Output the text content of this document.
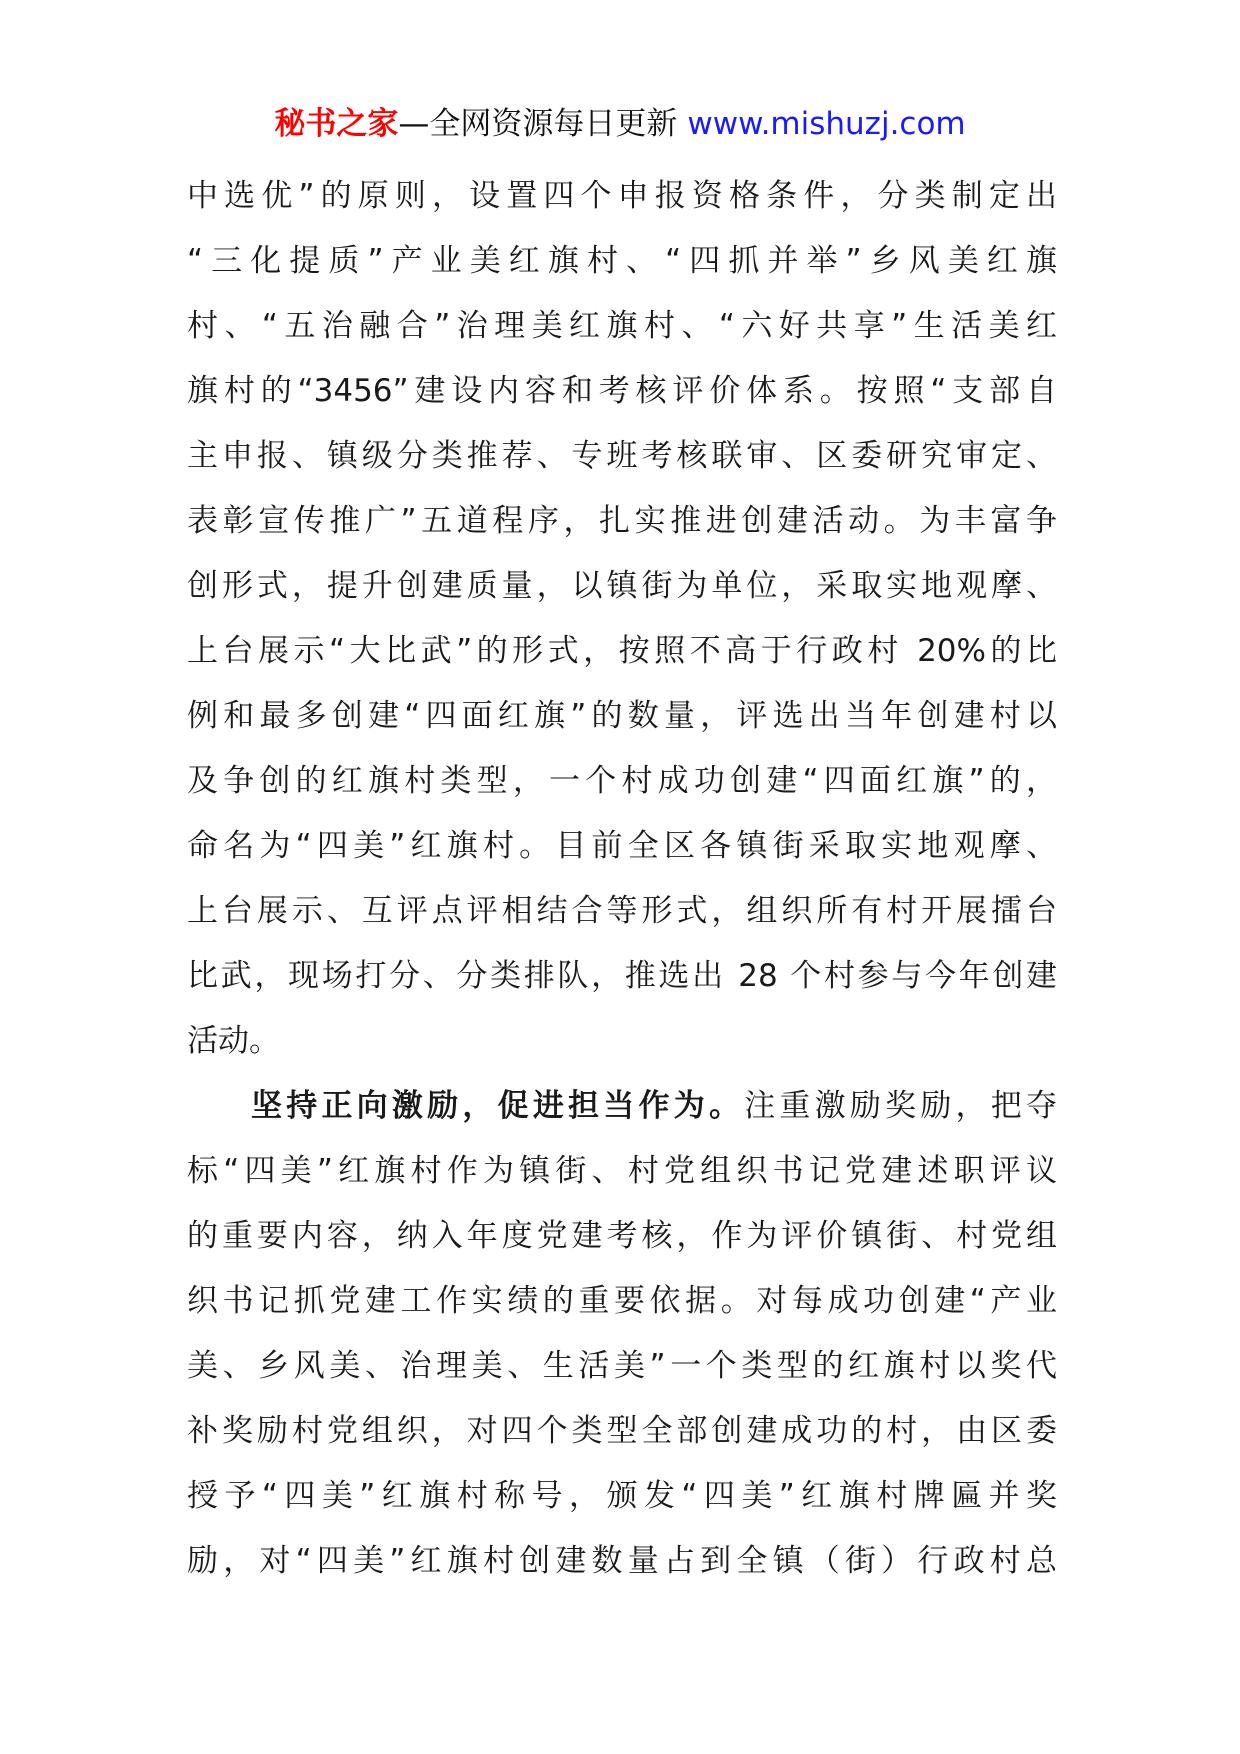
秘书之家—全网资源每日更新 www.mishuzj.com
中选优”的原则，设置四个申报资格条件，分类制定出
“三化提质”产业美红旗村、“四抓并举”乡风美红旗
村、“五治融合”治理美红旗村、“六好共享”生活美红
旗村的“3456”建设内容和考核评价体系。按照“支部自
主申报、镇级分类推荐、专班考核联审、区委研究审定、
表彰宣传推广”五道程序，扎实推进创建活动。为丰富争
创形式，提升创建质量，以镇街为单位，采取实地观摩、
上台展示“大比武”的形式，按照不高于行政村 20%的比
例和最多创建“四面红旗”的数量，评选出当年创建村以
及争创的红旗村类型，一个村成功创建“四面红旗”的，
命名为“四美”红旗村。目前全区各镇街采取实地观摩、
上台展示、互评点评相结合等形式，组织所有村开展擂台
比武，现场打分、分类排队，推选出 28 个村参与今年创建
活动。
坚持正向激励，促进担当作为。注重激励奖励，把夺
标“四美”红旗村作为镇街、村党组织书记党建述职评议
的重要内容，纳入年度党建考核，作为评价镇街、村党组
织书记抓党建工作实绩的重要依据。对每成功创建“产业
美、乡风美、治理美、生活美”一个类型的红旗村以奖代
补奖励村党组织，对四个类型全部创建成功的村，由区委
授予“四美”红旗村称号，颁发“四美”红旗村牌匾并奖
励，对“四美”红旗村创建数量占到全镇（街）行政村总
